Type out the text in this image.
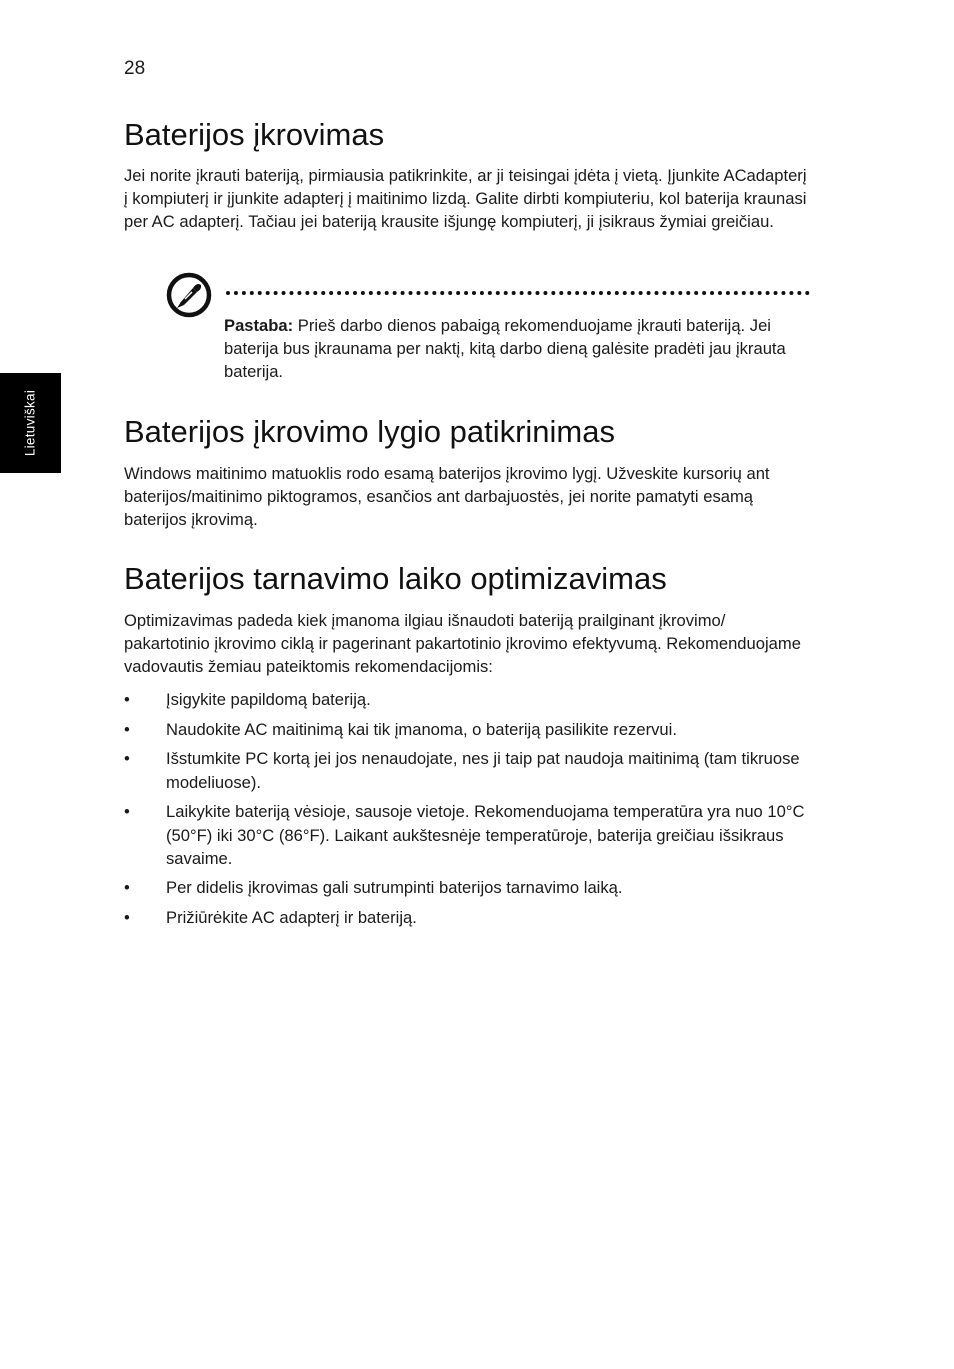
28
Lietuviškai
Baterijos įkrovimas

Jei norite įkrauti bateriją, pirmiausia patikrinkite, ar ji teisingai įdėta į vietą. Įjunkite ACadapterį į kompiuterį ir įjunkite adapterį į maitinimo lizdą. Galite dirbti kompiuteriu, kol baterija kraunasi per AC adapterį. Tačiau jei bateriją krausite išjungę kompiuterį, ji įsikraus žymiai greičiau.

Pastaba: Prieš darbo dienos pabaigą rekomenduojame įkrauti bateriją. Jei baterija bus įkraunama per naktį, kitą darbo dieną galėsite pradėti jau įkrauta baterija.

Baterijos įkrovimo lygio patikrinimas

Windows maitinimo matuoklis rodo esamą baterijos įkrovimo lygį. Užveskite kursorių ant baterijos/maitinimo piktogramos, esančios ant darbajuostės, jei norite pamatyti esamą baterijos įkrovimą.

Baterijos tarnavimo laiko optimizavimas

Optimizavimas padeda kiek įmanoma ilgiau išnaudoti bateriją prailginant įkrovimo/ pakartotinio įkrovimo ciklą ir pagerinant pakartotinio įkrovimo efektyvumą. Rekomenduojame vadovautis žemiau pateiktomis rekomendacijomis:

• Įsigykite papildomą bateriją.
• Naudokite AC maitinimą kai tik įmanoma, o bateriją pasilikite rezervui.
• Išstumkite PC kortą jei jos nenaudojate, nes ji taip pat naudoja maitinimą (tam tikruose modeliuose).
• Laikykite bateriją vėsioje, sausoje vietoje. Rekomenduojama temperatūra yra nuo 10°C (50°F) iki 30°C (86°F). Laikant aukštesnėje temperatūroje, baterija greičiau išsikraus savaime.
• Per didelis įkrovimas gali sutrumpinti baterijos tarnavimo laiką.
• Prižiūrėkite AC adapterį ir bateriją.
